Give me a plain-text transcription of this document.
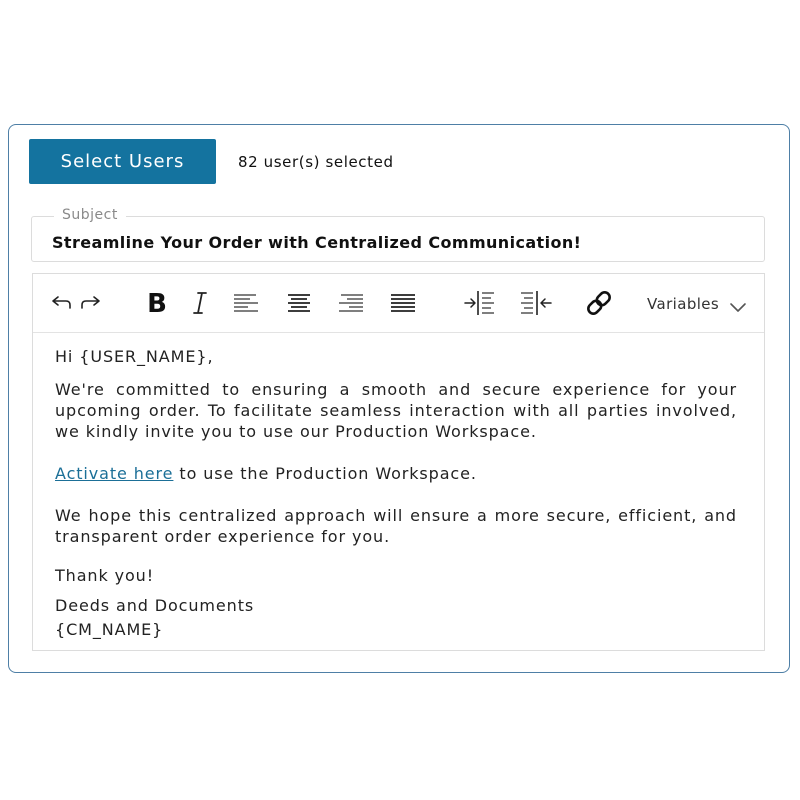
Select Users	82 user(s) selected
Subject
Streamline Your Order with Centralized Communication!
B	Variables

Hi {USER_NAME},

We're committed to ensuring a smooth and secure experience for your upcoming order. To facilitate seamless interaction with all parties involved, we kindly invite you to use our Production Workspace.

Activate here to use the Production Workspace.

We hope this centralized approach will ensure a more secure, efficient, and transparent order experience for you.

Thank you!

Deeds and Documents

{CM_NAME}
